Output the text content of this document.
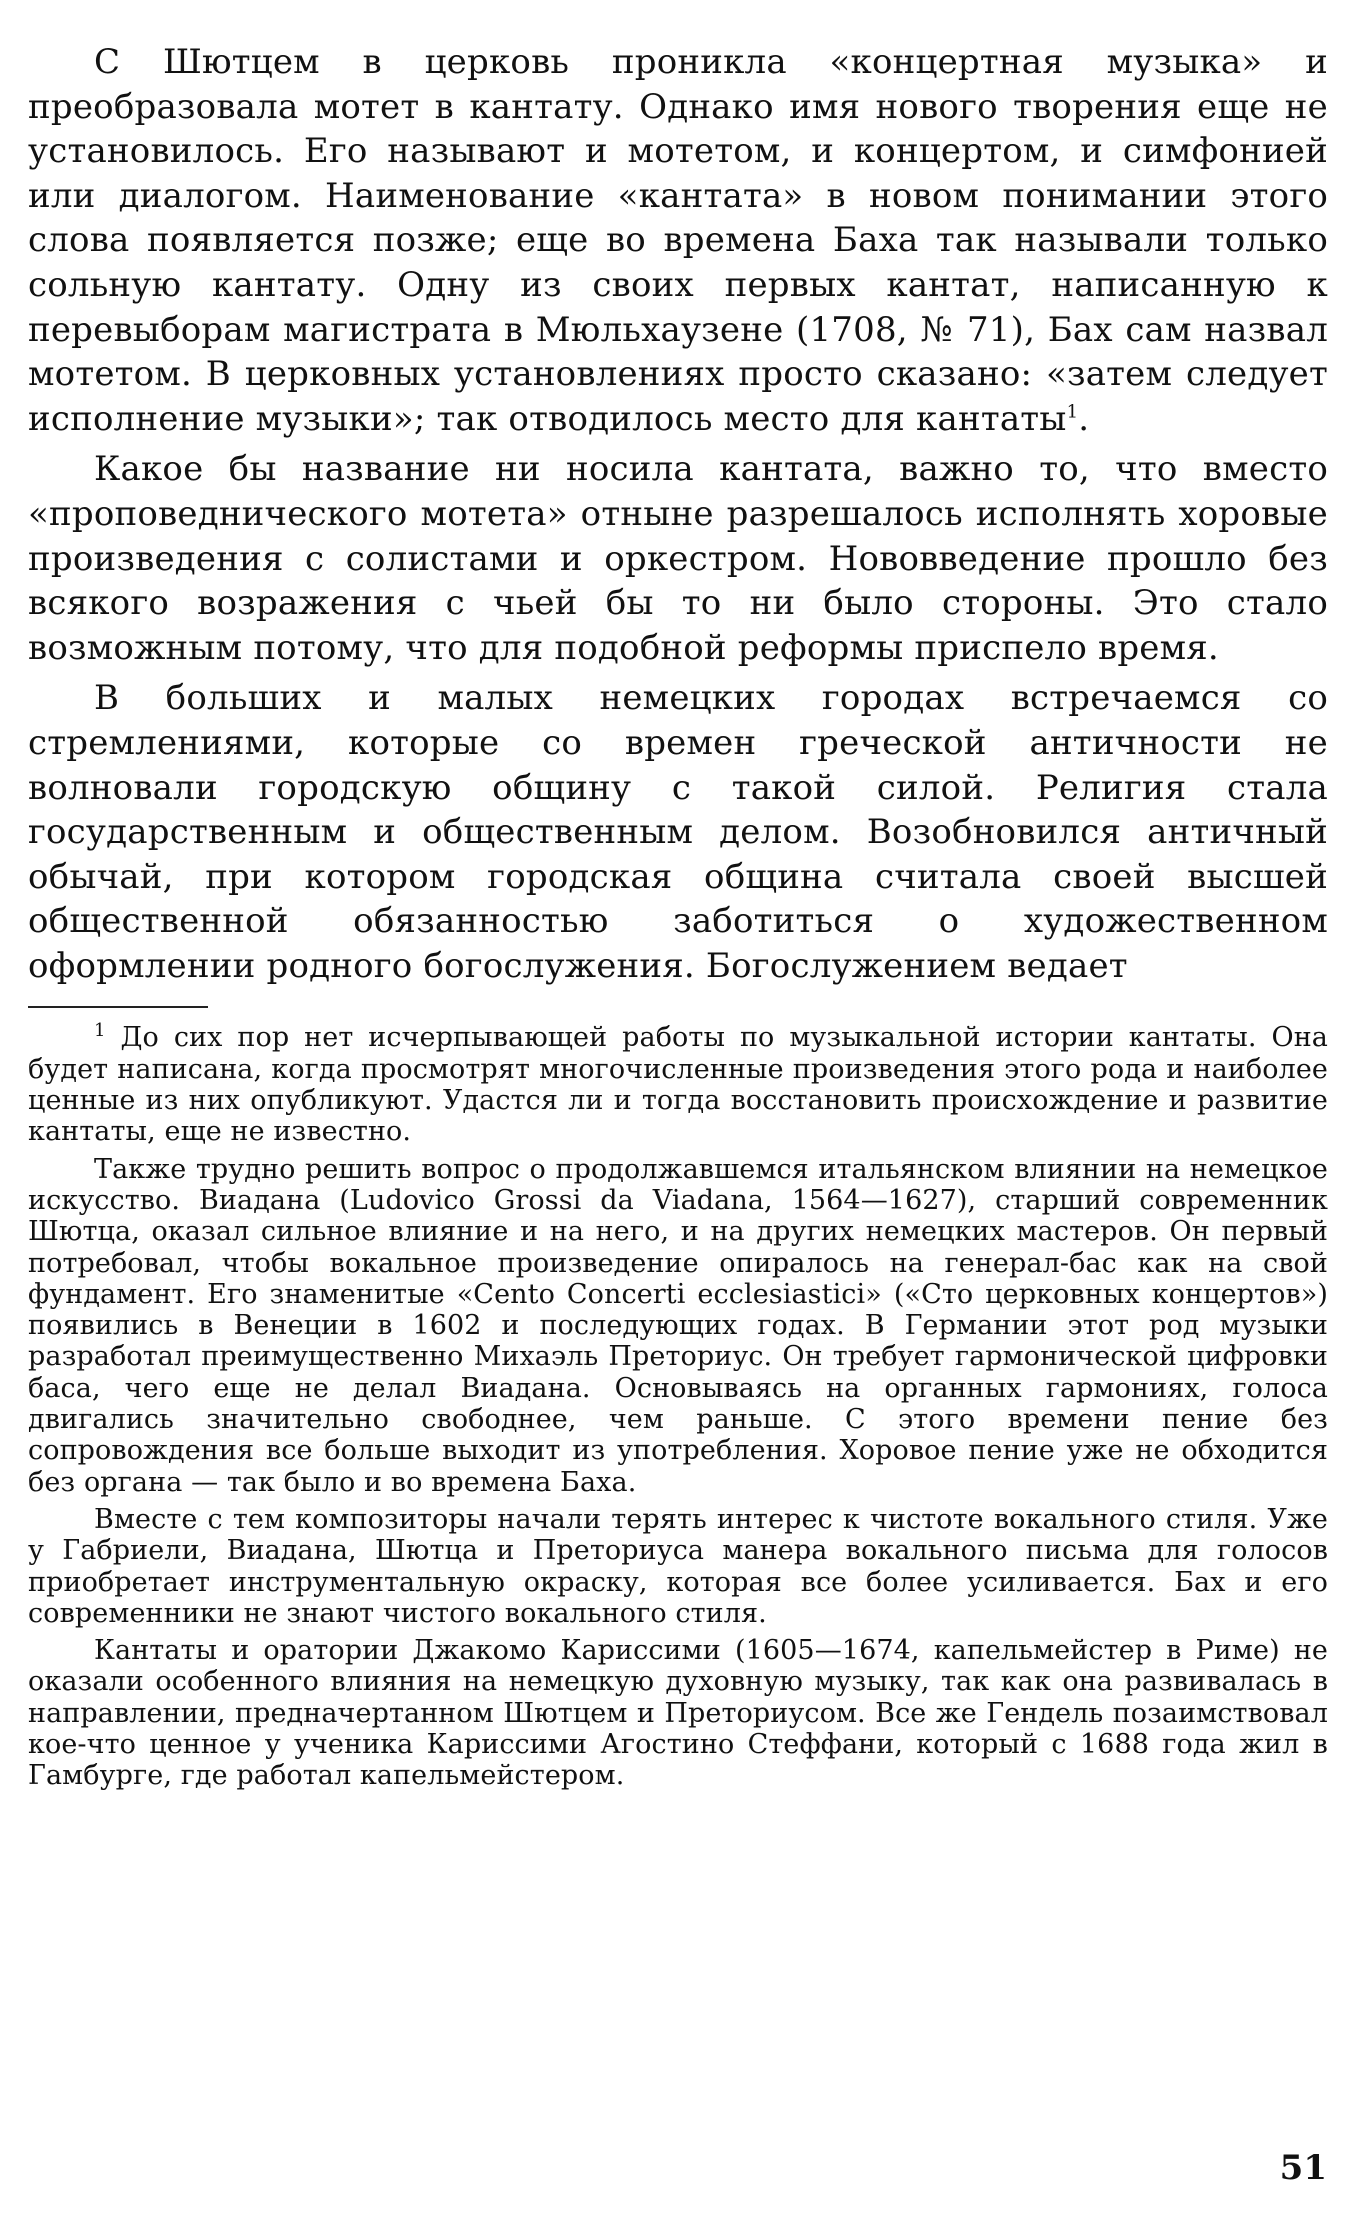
С Шютцем в церковь проникла «концертная музыка» и преобразовала мотет в кантату. Однако имя нового творения еще не установилось. Его называют и мотетом, и концертом, и симфонией или диалогом. Наименование «кантата» в новом понимании этого слова появляется позже; еще во времена Баха так называли только сольную кантату. Одну из своих первых кантат, написанную к перевыборам магистрата в Мюльхаузене (1708, № 71), Бах сам назвал мотетом. В церковных установлениях просто сказано: «затем следует исполнение музыки»; так отводилось место для кантаты$^1$.

Какое бы название ни носила кантата, важно то, что вместо «проповеднического мотета» отныне разрешалось исполнять хоровые произведения с солистами и оркестром. Нововведение прошло без всякого возражения с чьей бы то ни было стороны. Это стало возможным потому, что для подобной реформы приспело время.

В больших и малых немецких городах встречаемся со стремлениями, которые со времен греческой античности не волновали городскую общину с такой силой. Религия стала государственным и общественным делом. Возобновился античный обычай, при котором городская община считала своей высшей общественной обязанностью заботиться о художественном оформлении родного богослужения. Богослужением ведает

$^1$ До сих пор нет исчерпывающей работы по музыкальной истории кантаты. Она будет написана, когда просмотрят многочисленные произведения этого рода и наиболее ценные из них опубликуют. Удастся ли и тогда восстановить происхождение и развитие кантаты, еще не известно.

Также трудно решить вопрос о продолжавшемся итальянском влиянии на немецкое искусство. Виадана (Ludovico Grossi da Viadana, 1564—1627), старший современник Шютца, оказал сильное влияние и на него, и на других немецких мастеров. Он первый потребовал, чтобы вокальное произведение опиралось на генерал-бас как на свой фундамент. Его знаменитые «Cento Concerti ecclesiastici» («Сто церковных концертов») появились в Венеции в 1602 и последующих годах. В Германии этот род музыки разработал преимущественно Михаэль Преториус. Он требует гармонической цифровки баса, чего еще не делал Виадана. Основываясь на органных гармониях, голоса двигались значительно свободнее, чем раньше. С этого времени пение без сопровождения все больше выходит из употребления. Хоровое пение уже не обходится без органа — так было и во времена Баха.

Вместе с тем композиторы начали терять интерес к чистоте вокального стиля. Уже у Габриели, Виадана, Шютца и Преториуса манера вокального письма для голосов приобретает инструментальную окраску, которая все более усиливается. Бах и его современники не знают чистого вокального стиля.

Кантаты и оратории Джакомо Кариссими (1605—1674, капельмейстер в Риме) не оказали особенного влияния на немецкую духовную музыку, так как она развивалась в направлении, предначертанном Шютцем и Преториусом. Все же Гендель позаимствовал кое-что ценное у ученика Кариссими Агостино Стеффани, который с 1688 года жил в Гамбурге, где работал капельмейстером.

51
